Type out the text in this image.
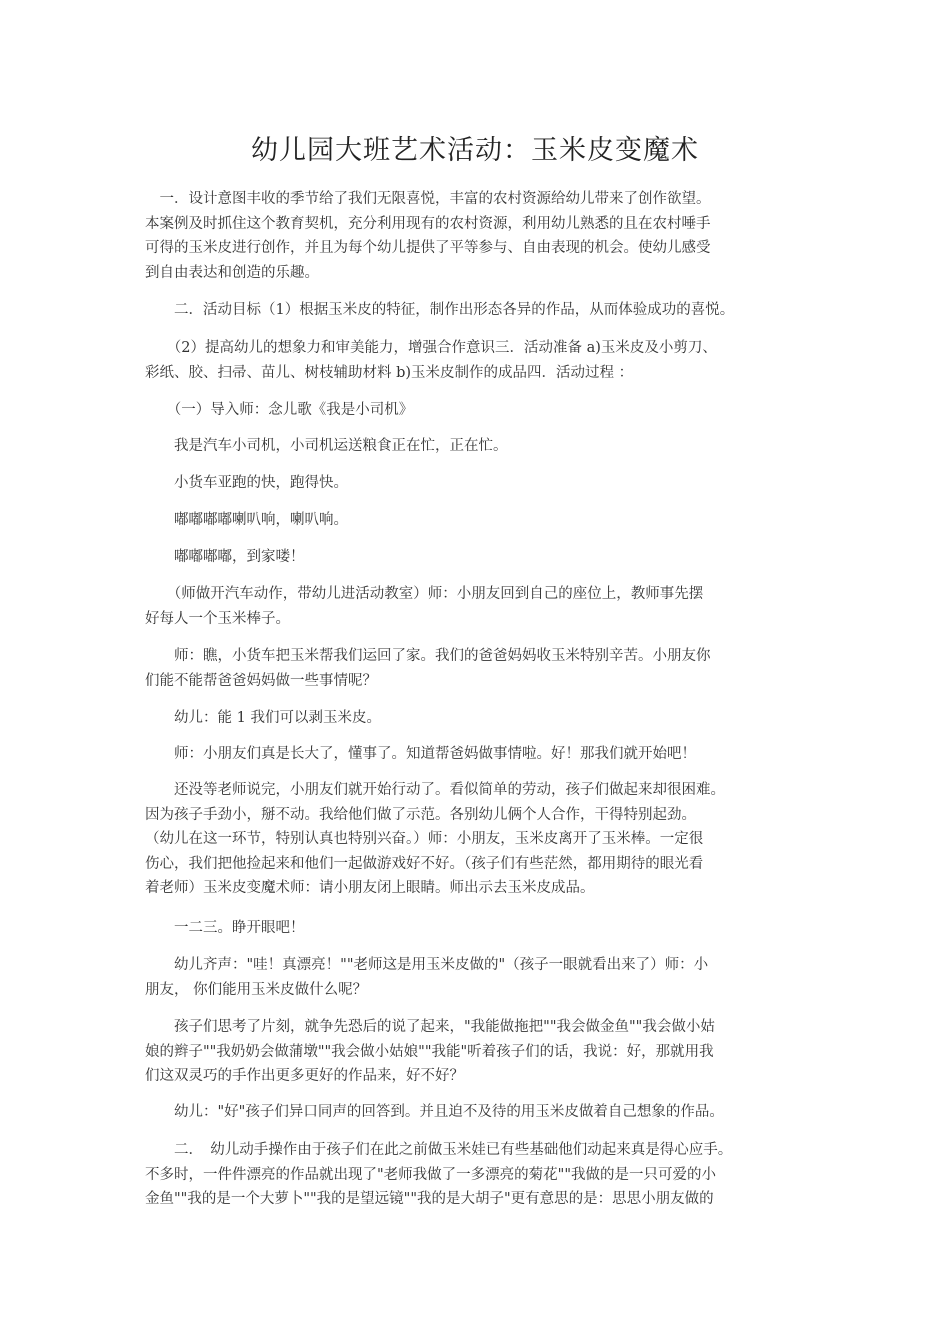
幼儿园大班艺术活动：玉米皮变魔术

　一．设计意图丰收的季节给了我们无限喜悦，丰富的农村资源给幼儿带来了创作欲望。
本案例及时抓住这个教育契机，充分利用现有的农村资源，利用幼儿熟悉的且在农村唾手
可得的玉米皮进行创作，并且为每个幼儿提供了平等参与、自由表现的机会。使幼儿感受
到自由表达和创造的乐趣。

　　二．活动目标（1）根据玉米皮的特征，制作出形态各异的作品，从而体验成功的喜悦。

　　（2）提高幼儿的想象力和审美能力，增强合作意识三．活动准备 a)玉米皮及小剪刀、
彩纸、胶、扫帚、苗儿、树枝辅助材料 b)玉米皮制作的成品四．活动过程 ：

　　（一）导入师：念儿歌《我是小司机》

　　我是汽车小司机，小司机运送粮食正在忙，正在忙。

　　小货车亚跑的快，跑得快。

　　嘟嘟嘟嘟喇叭响，喇叭响。

　　嘟嘟嘟嘟，到家喽！

　　（师做开汽车动作，带幼儿进活动教室）师：小朋友回到自己的座位上，教师事先摆
好每人一个玉米棒子。

　　师：瞧，小货车把玉米帮我们运回了家。我们的爸爸妈妈收玉米特别辛苦。小朋友你
们能不能帮爸爸妈妈做一些事情呢？

　　幼儿：能 1 我们可以剥玉米皮。

　　师：小朋友们真是长大了，懂事了。知道帮爸妈做事情啦。好！那我们就开始吧！

　　还没等老师说完，小朋友们就开始行动了。看似简单的劳动，孩子们做起来却很困难。
因为孩子手劲小，掰不动。我给他们做了示范。各别幼儿俩个人合作，干得特别起劲。
（幼儿在这一环节，特别认真也特别兴奋。）师：小朋友，玉米皮离开了玉米棒。一定很
伤心，我们把他捡起来和他们一起做游戏好不好。（孩子们有些茫然，都用期待的眼光看
着老师）玉米皮变魔术师：请小朋友闭上眼睛。师出示去玉米皮成品。

　　一二三。睁开眼吧！

　　幼儿齐声："哇！真漂亮！""老师这是用玉米皮做的"（孩子一眼就看出来了）师：小
朋友， 你们能用玉米皮做什么呢？

　　孩子们思考了片刻，就争先恐后的说了起来，"我能做拖把""我会做金鱼""我会做小姑
娘的辫子""我奶奶会做蒲墩""我会做小姑娘""我能"听着孩子们的话，我说：好，那就用我
们这双灵巧的手作出更多更好的作品来，好不好？

　　幼儿："好"孩子们异口同声的回答到。并且迫不及待的用玉米皮做着自己想象的作品。

　　二．　幼儿动手操作由于孩子们在此之前做玉米娃已有些基础他们动起来真是得心应手。
不多时，一件件漂亮的作品就出现了"老师我做了一多漂亮的菊花""我做的是一只可爱的小
金鱼""我的是一个大萝卜""我的是望远镜""我的是大胡子"更有意思的是：思思小朋友做的
